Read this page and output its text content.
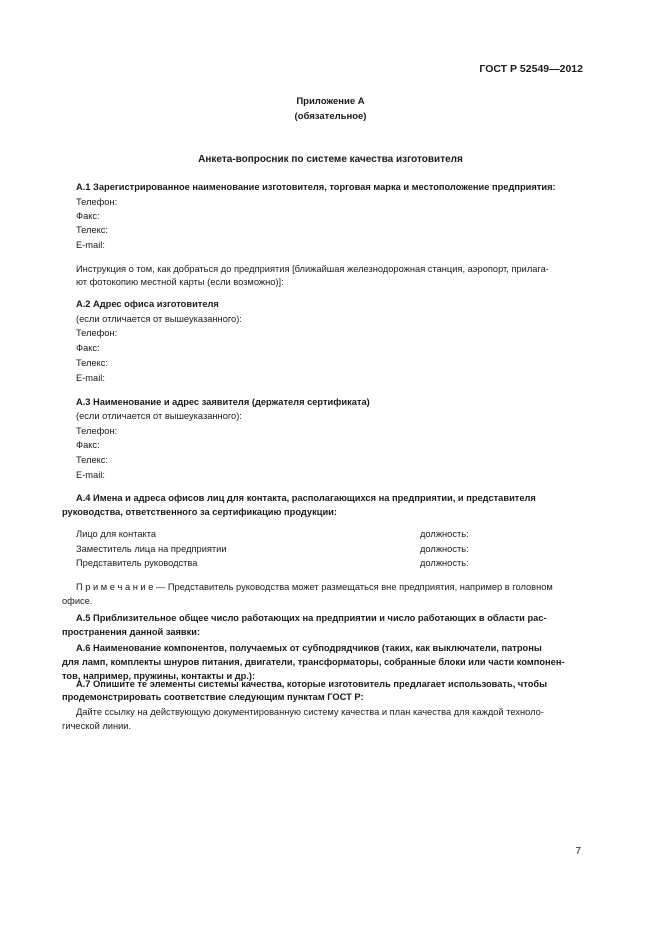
ГОСТ Р 52549—2012
Приложение А
(обязательное)
Анкета-вопросник по системе качества изготовителя
А.1 Зарегистрированное наименование изготовителя, торговая марка и местоположение предприятия:
Телефон:
Факс:
Телекс:
E-mail:
Инструкция о том, как добраться до предприятия [ближайшая железнодорожная станция, аэропорт, прилага-
ют фотокопию местной карты (если возможно)]:
А.2 Адрес офиса изготовителя
(если отличается от вышеуказанного):
Телефон:
Факс:
Телекс:
E-mail:
А.3 Наименование и адрес заявителя (держателя сертификата)
(если отличается от вышеуказанного):
Телефон:
Факс:
Телекс:
E-mail:
А.4 Имена и адреса офисов лиц для контакта, располагающихся на предприятии, и представителя
руководства, ответственного за сертификацию продукции:
Лицо для контакта	должность:
Заместитель лица на предприятии	должность:
Представитель руководства	должность:
П р и м е ч а н и е — Представитель руководства может размещаться вне предприятия, например в головном
офисе.
А.5 Приблизительное общее число работающих на предприятии и число работающих в области рас-
пространения данной заявки:
А.6 Наименование компонентов, получаемых от субподрядчиков (таких, как выключатели, патроны
для ламп, комплекты шнуров питания, двигатели, трансформаторы, собранные блоки или части компонен-
тов, например, пружины, контакты и др.):
А.7 Опишите те элементы системы качества, которые изготовитель предлагает использовать, чтобы
продемонстрировать соответствие следующим пунктам ГОСТ Р:
Дайте ссылку на действующую документированную систему качества и план качества для каждой техноло-
гической линии.
7
